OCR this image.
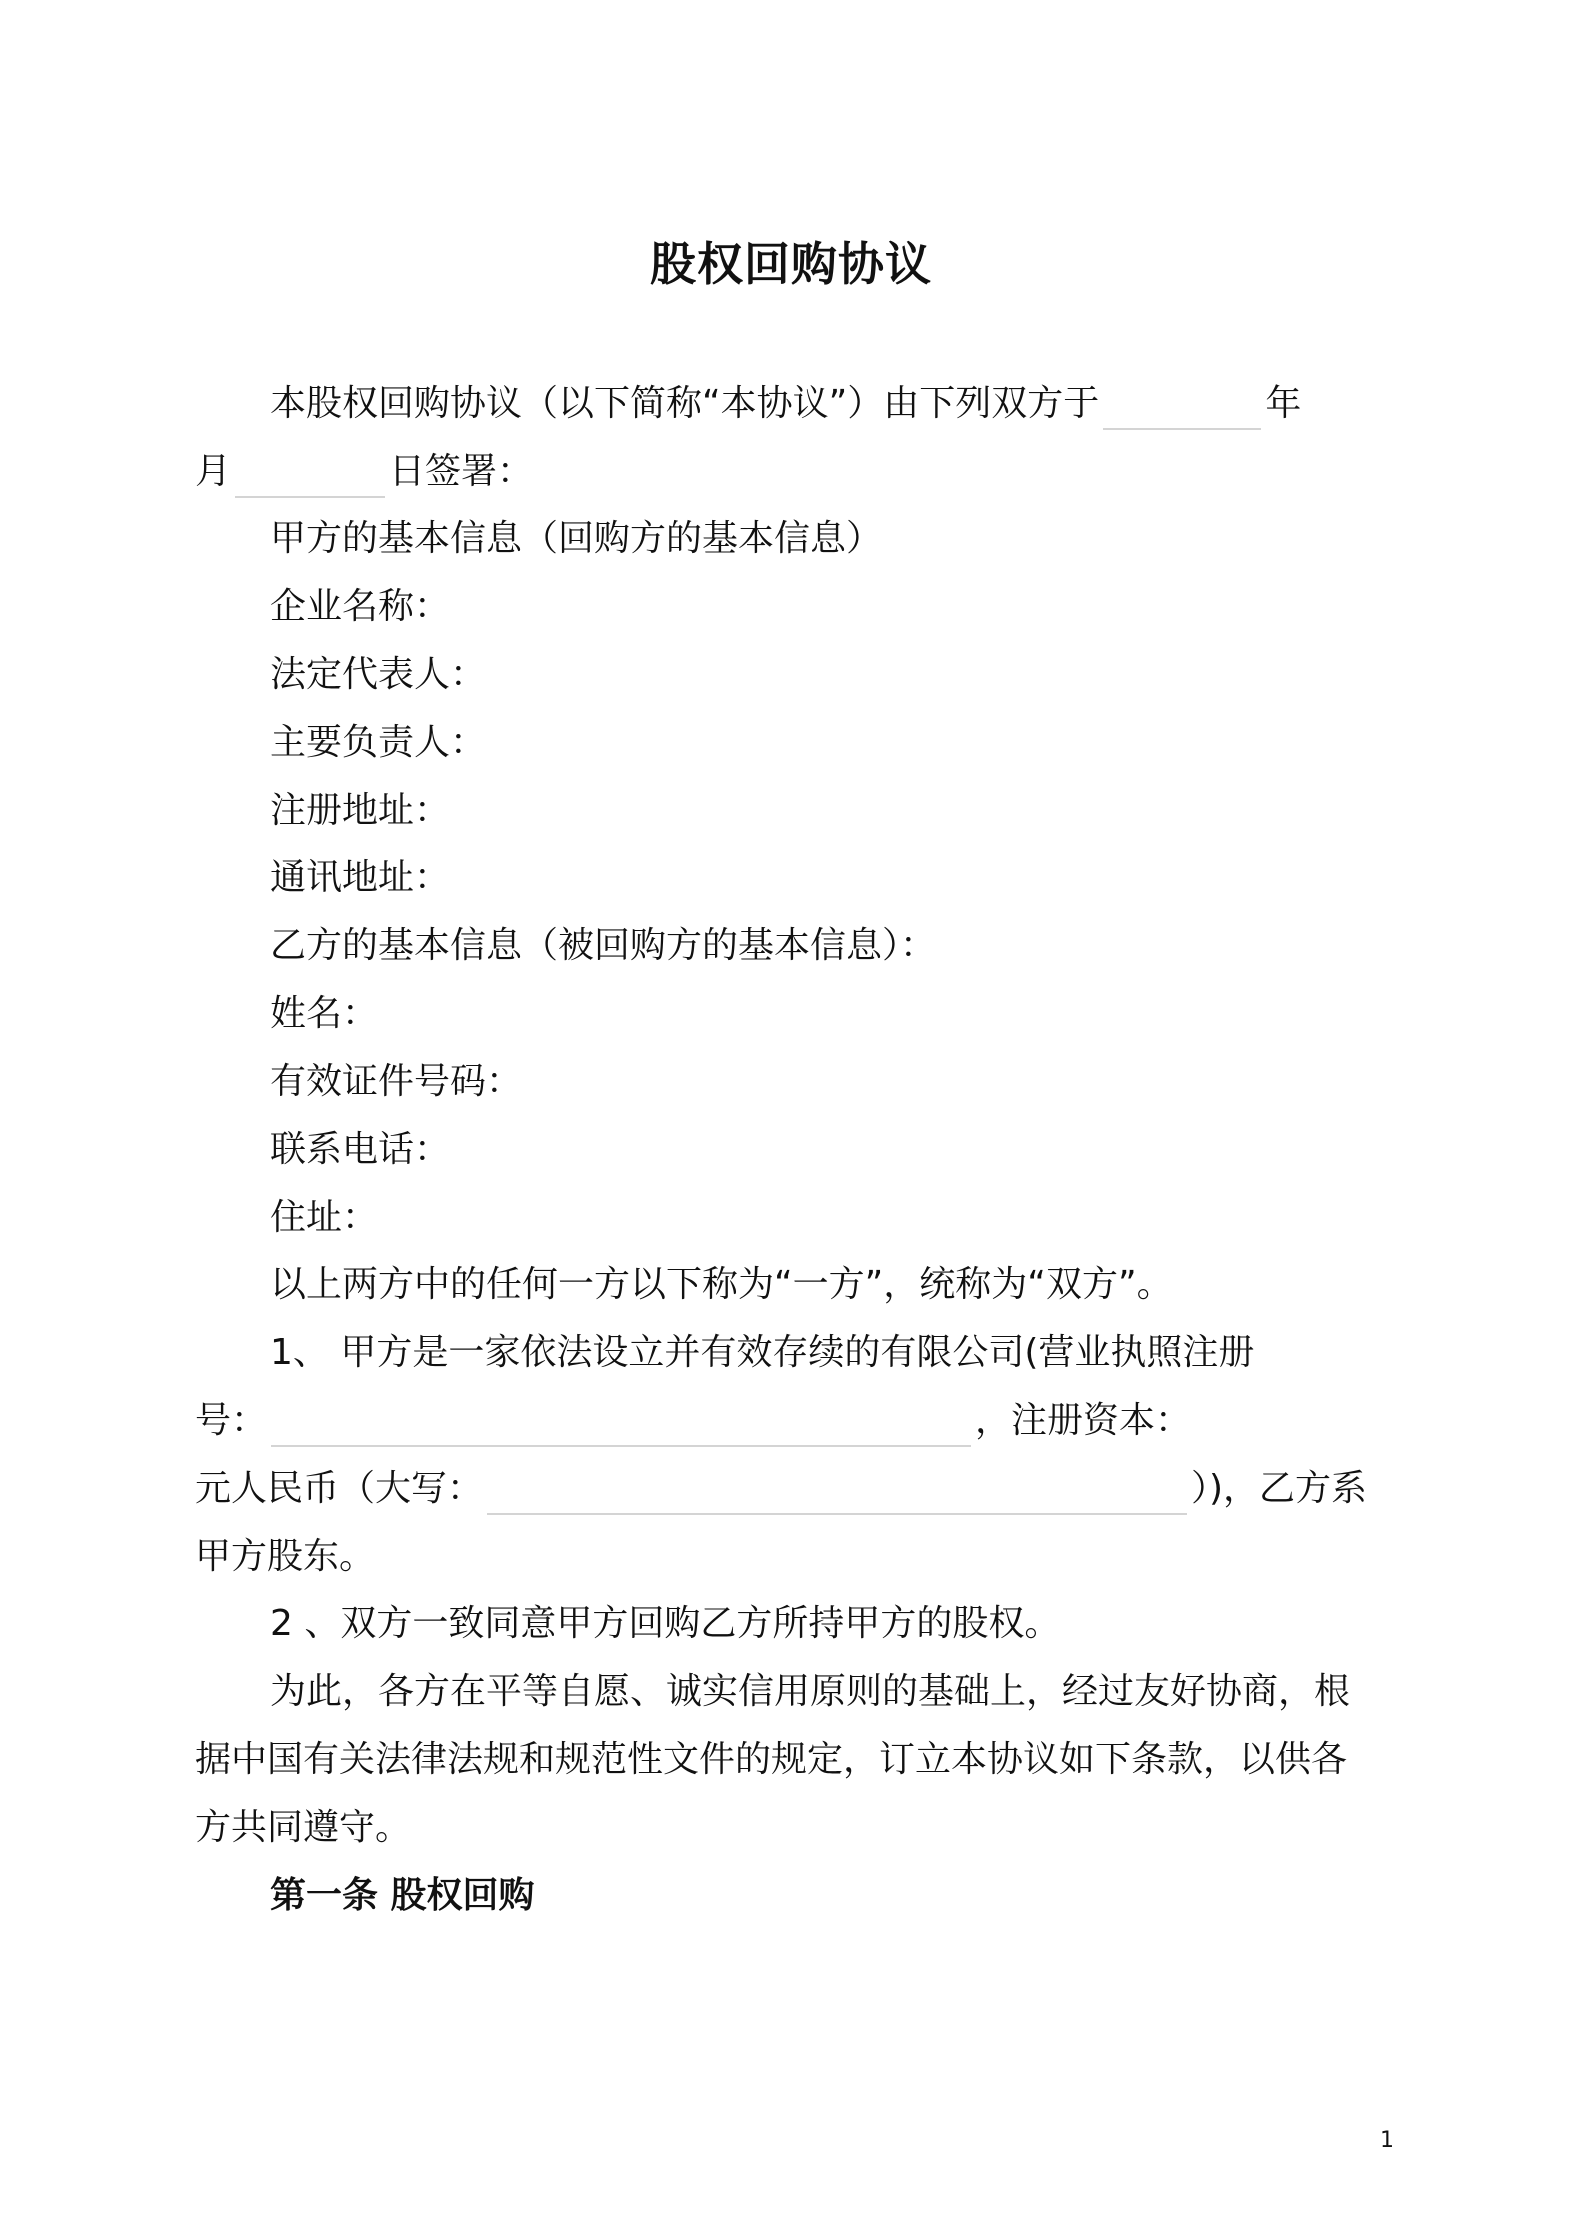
股权回购协议
本股权回购协议（以下简称“本协议”）由下列双方于	年
月	日签署：
甲方的基本信息（回购方的基本信息）
企业名称：
法定代表人：
主要负责人：
注册地址：
通讯地址：
乙方的基本信息（被回购方的基本信息）：
姓名：
有效证件号码：
联系电话：
住址：
以上两方中的任何一方以下称为“一方”，统称为“双方”。
1、 甲方是一家依法设立并有效存续的有限公司(营业执照注册
号：	，注册资本：
元人民币（大写：	）)，乙方系
甲方股东。
2 、双方一致同意甲方回购乙方所持甲方的股权。
为此，各方在平等自愿、诚实信用原则的基础上，经过友好协商，根
据中国有关法律法规和规范性文件的规定，订立本协议如下条款，以供各
方共同遵守。
第一条 股权回购
1
